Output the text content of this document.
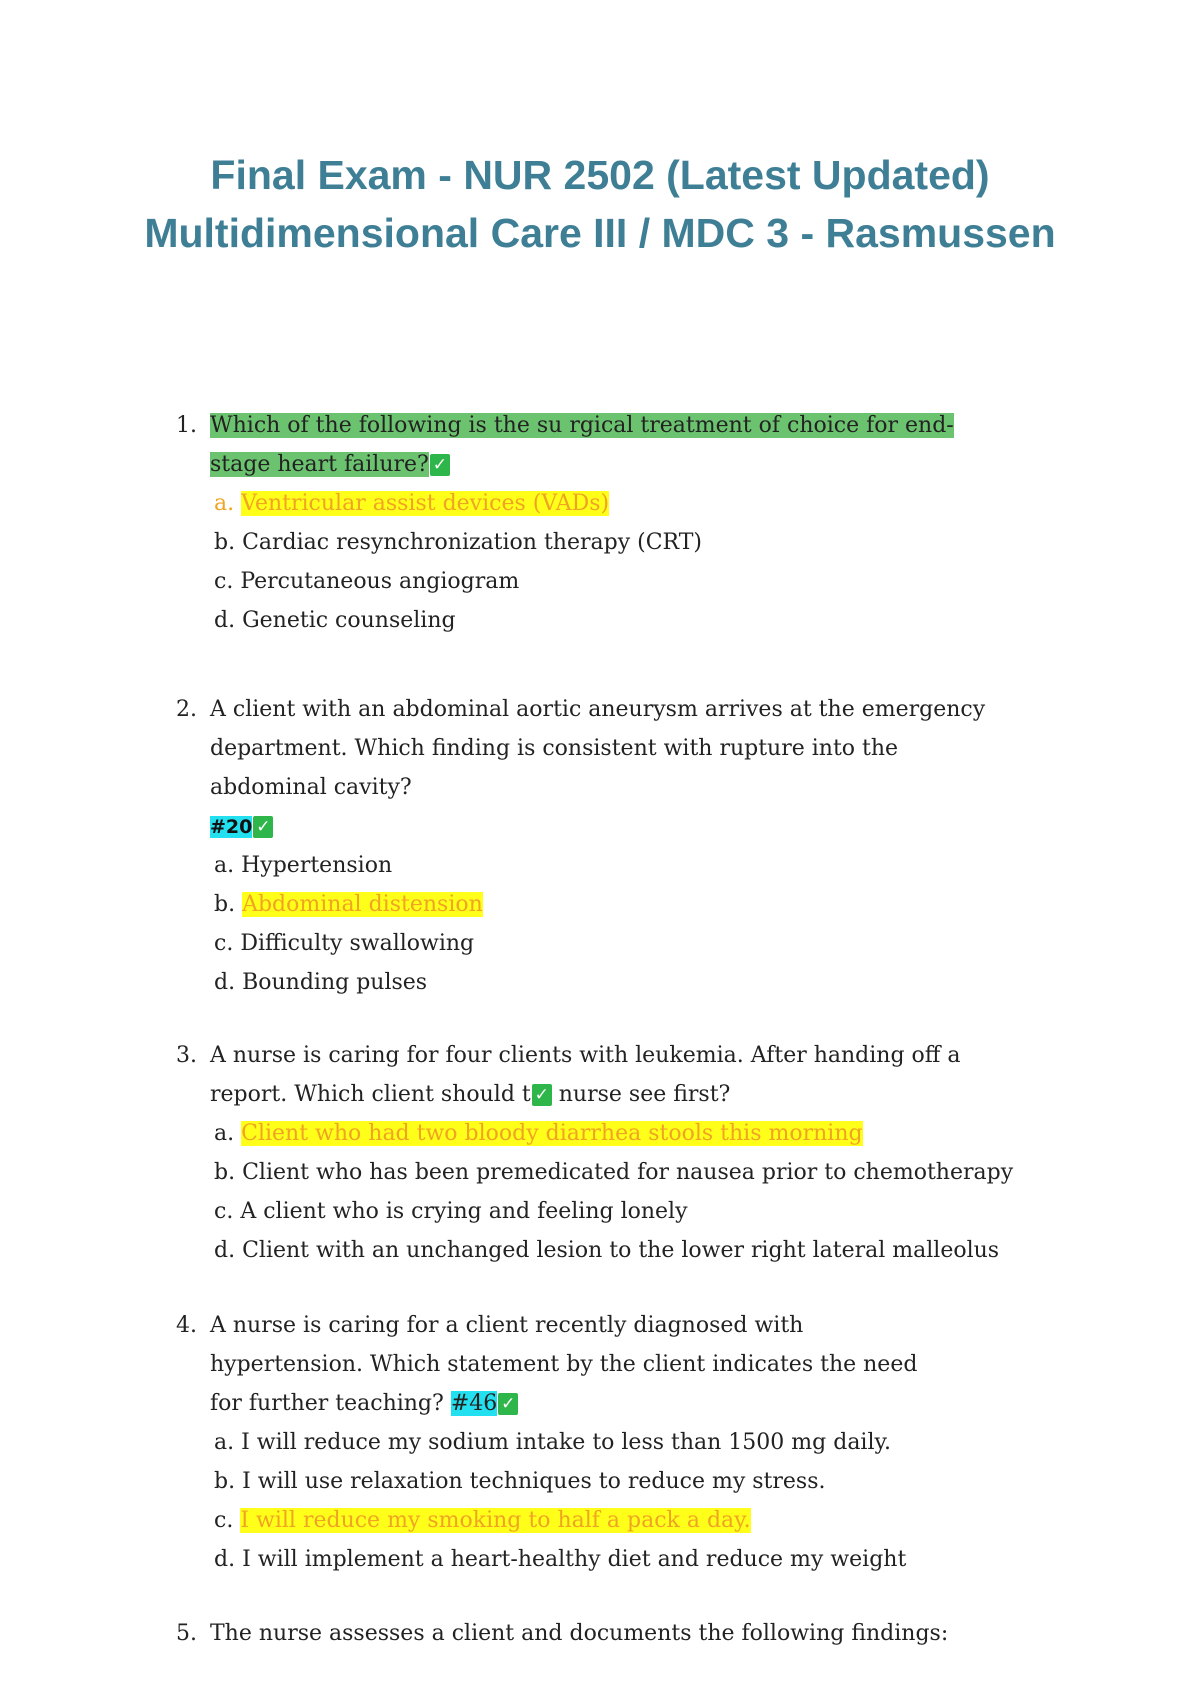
Final Exam - NUR 2502 (Latest Updated)
Multidimensional Care III / MDC 3 - Rasmussen
1. Which of the following is the su rgical treatment of choice for end-
stage heart failure? ✓
a. Ventricular assist devices (VADs)
b. Cardiac resynchronization therapy (CRT)
c. Percutaneous angiogram
d. Genetic counseling
2. A client with an abdominal aortic aneurysm arrives at the emergency
department. Which finding is consistent with rupture into the
abdominal cavity?
#20 ✓
a. Hypertension
b. Abdominal distension
c. Difficulty swallowing
d. Bounding pulses
3. A nurse is caring for four clients with leukemia. After handing off a
report. Which client should t ✓ nurse see first?
a. Client who had two bloody diarrhea stools this morning
b. Client who has been premedicated for nausea prior to chemotherapy
c. A client who is crying and feeling lonely
d. Client with an unchanged lesion to the lower right lateral malleolus
4. A nurse is caring for a client recently diagnosed with
hypertension. Which statement by the client indicates the need
for further teaching? #46 ✓
a. I will reduce my sodium intake to less than 1500 mg daily.
b. I will use relaxation techniques to reduce my stress.
c. I will reduce my smoking to half a pack a day.
d. I will implement a heart-healthy diet and reduce my weight
5. The nurse assesses a client and documents the following findings:
